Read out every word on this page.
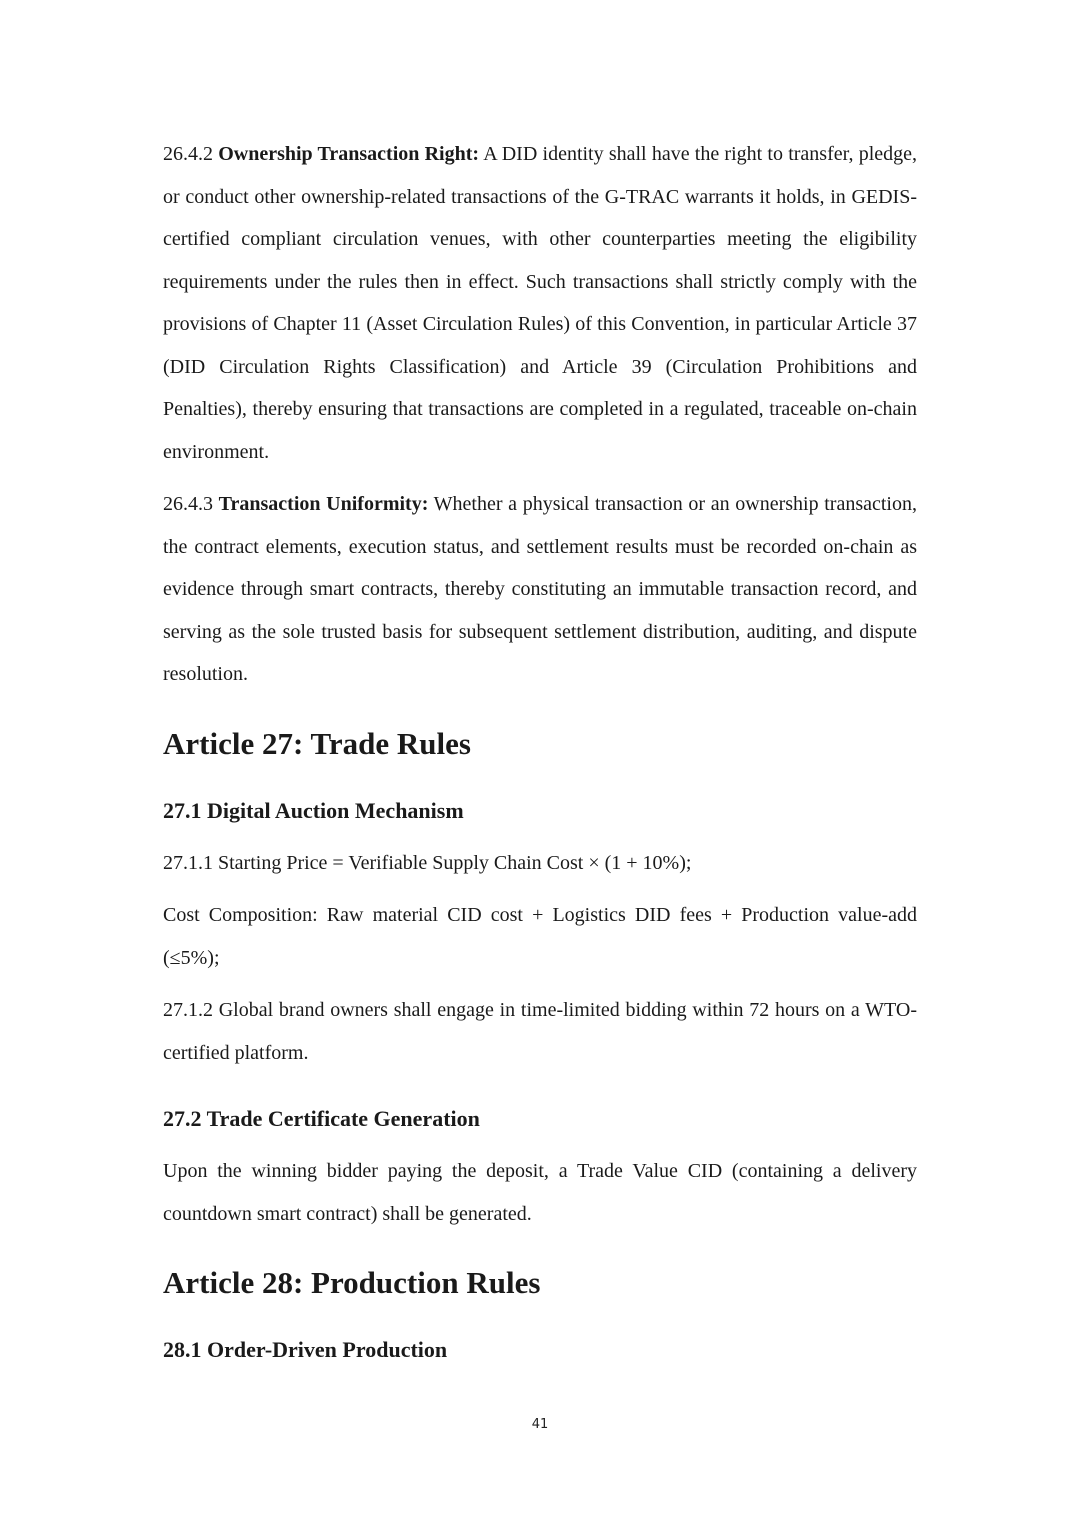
26.4.2 Ownership Transaction Right: A DID identity shall have the right to transfer, pledge, or conduct other ownership-related transactions of the G-TRAC warrants it holds, in GEDIS-certified compliant circulation venues, with other counterparties meeting the eligibility requirements under the rules then in effect. Such transactions shall strictly comply with the provisions of Chapter 11 (Asset Circulation Rules) of this Convention, in particular Article 37 (DID Circulation Rights Classification) and Article 39 (Circulation Prohibitions and Penalties), thereby ensuring that transactions are completed in a regulated, traceable on-chain environment.

26.4.3 Transaction Uniformity: Whether a physical transaction or an ownership transaction, the contract elements, execution status, and settlement results must be recorded on-chain as evidence through smart contracts, thereby constituting an immutable transaction record, and serving as the sole trusted basis for subsequent settlement distribution, auditing, and dispute resolution.

Article 27: Trade Rules
27.1 Digital Auction Mechanism

27.1.1 Starting Price = Verifiable Supply Chain Cost × (1 + 10%);

Cost Composition: Raw material CID cost + Logistics DID fees + Production value-add (≤5%);

27.1.2 Global brand owners shall engage in time-limited bidding within 72 hours on a WTO-certified platform.

27.2 Trade Certificate Generation

Upon the winning bidder paying the deposit, a Trade Value CID (containing a delivery countdown smart contract) shall be generated.

Article 28: Production Rules
28.1 Order-Driven Production
41
